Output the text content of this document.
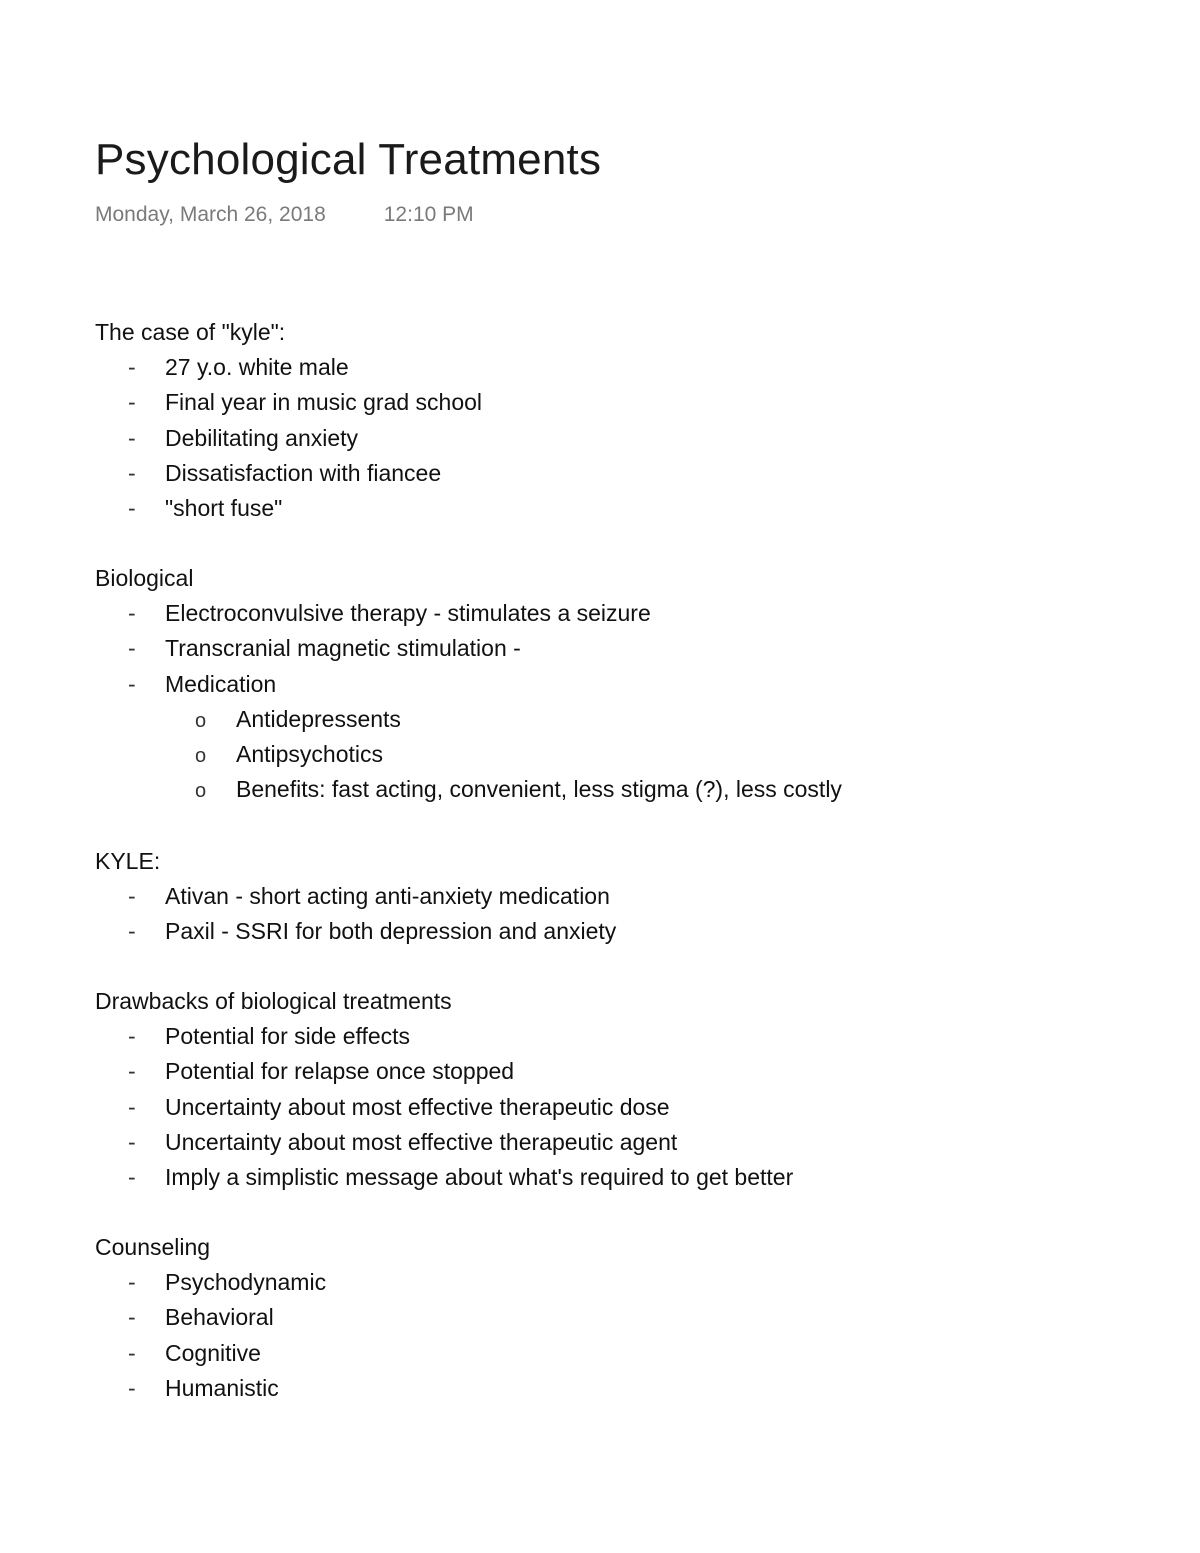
Psychological Treatments
Monday, March 26, 2018	12:10 PM
The case of "kyle":
- 27 y.o. white male
- Final year in music grad school
- Debilitating anxiety
- Dissatisfaction with fiancee
- "short fuse"
Biological
- Electroconvulsive therapy - stimulates a seizure
- Transcranial magnetic stimulation -
- Medication
o Antidepressents
o Antipsychotics
o Benefits: fast acting, convenient, less stigma (?), less costly
KYLE:
- Ativan - short acting anti-anxiety medication
- Paxil - SSRI for both depression and anxiety
Drawbacks of biological treatments
- Potential for side effects
- Potential for relapse once stopped
- Uncertainty about most effective therapeutic dose
- Uncertainty about most effective therapeutic agent
- Imply a simplistic message about what's required to get better
Counseling
- Psychodynamic
- Behavioral
- Cognitive
- Humanistic
